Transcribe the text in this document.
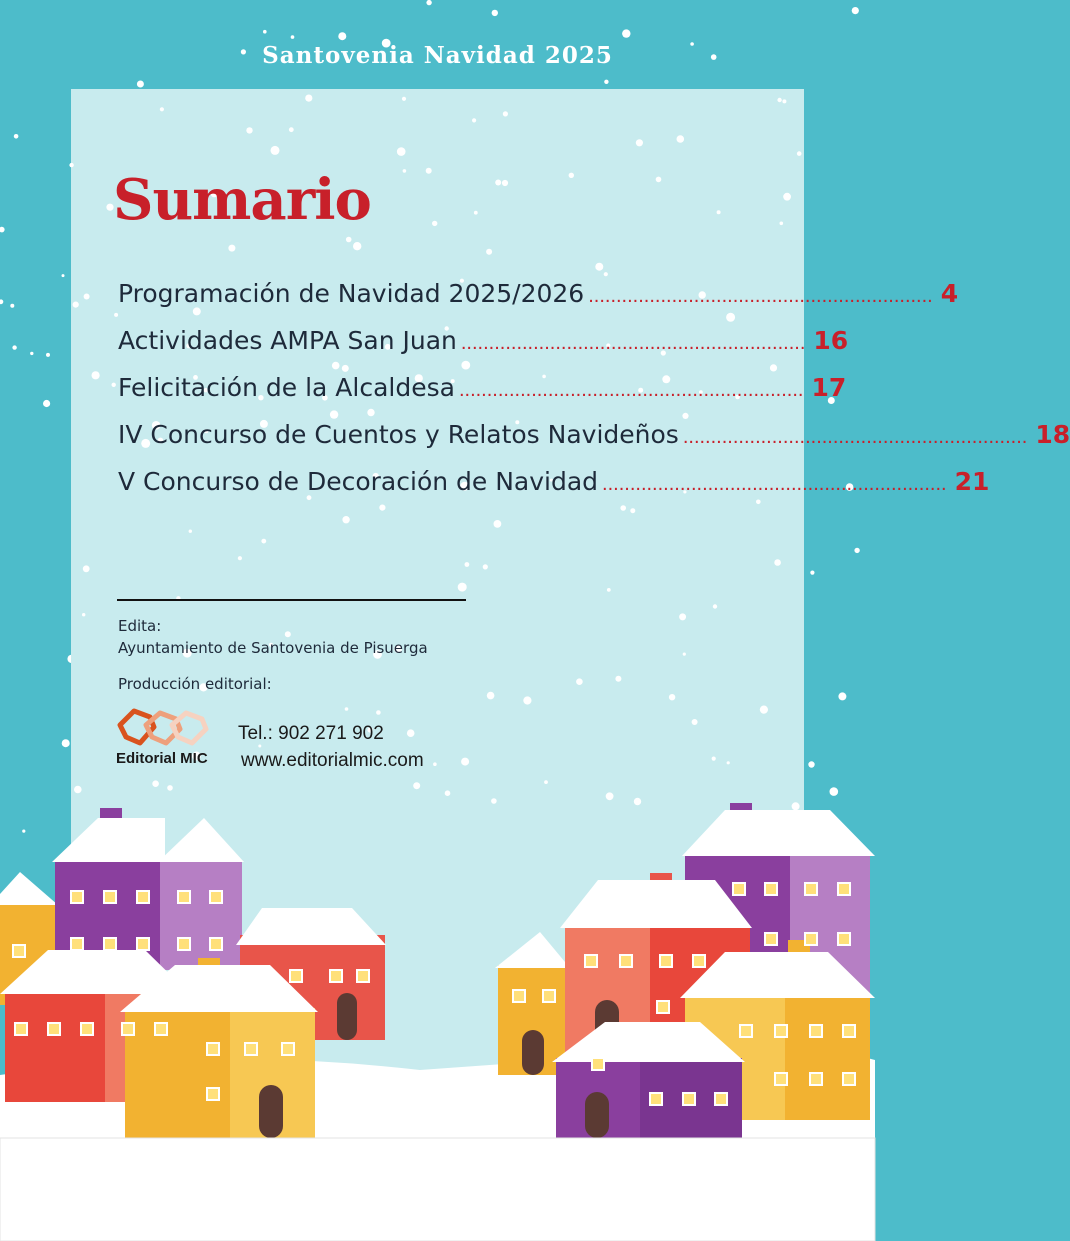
Santovenia Navidad 2025
Sumario
Programación de Navidad 2025/2026 .............................................................. 4
Actividades AMPA San Juan .............................................................. 16
Felicitación de la Alcaldesa .............................................................. 17
IV Concurso de Cuentos y Relatos Navideños .............................................................. 18
V Concurso de Decoración de Navidad .............................................................. 21
Edita:
Ayuntamiento de Santovenia de Pisuerga
Producción editorial:
Editorial MIC
Tel.: 902 271 902
www.editorialmic.com
